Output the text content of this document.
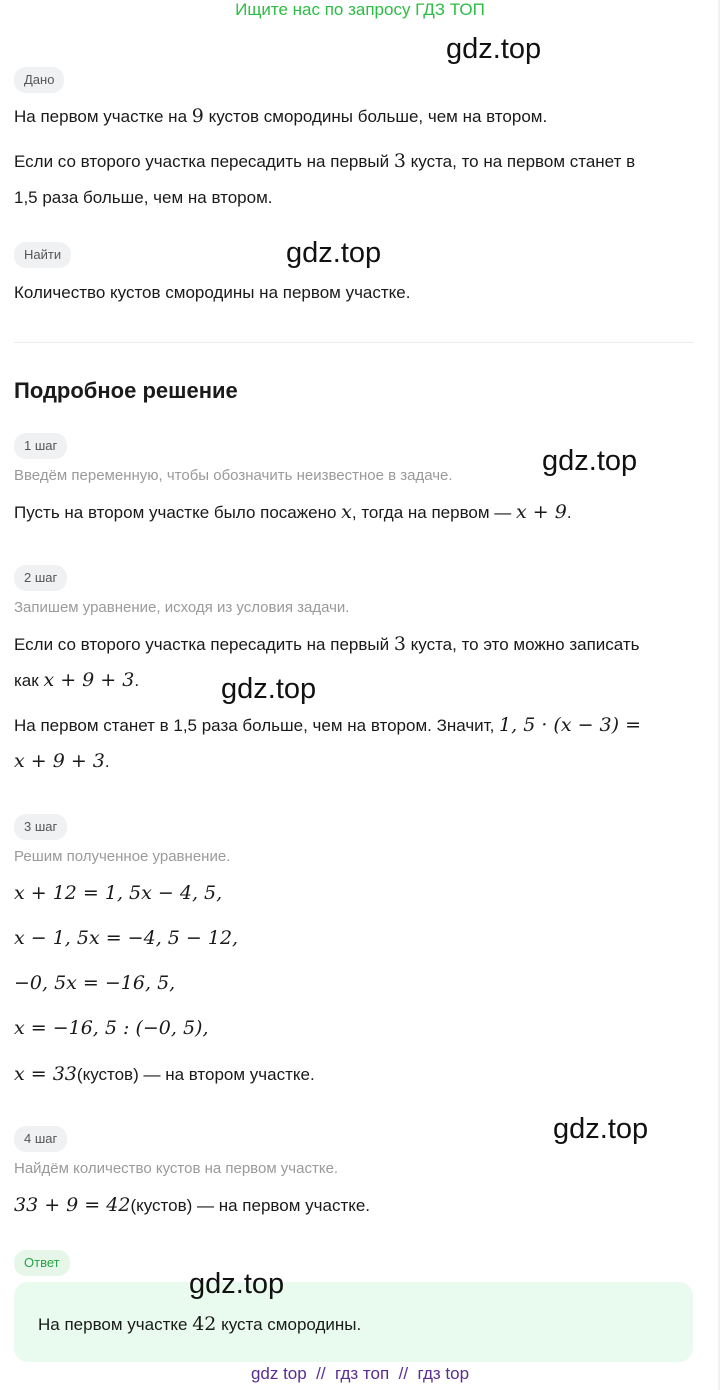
Ищите нас по запросу ГДЗ ТОП
gdz.top
gdz.top
gdz.top
gdz.top
gdz.top
Дано
На первом участке на 9 кустов смородины больше, чем на втором.
Если со второго участка пересадить на первый 3 куста, то на первом станет в
1,5 раза больше, чем на втором.
Найти
Количество кустов смородины на первом участке.
Подробное решение
1 шаг
Введём переменную, чтобы обозначить неизвестное в задаче.
Пусть на втором участке было посажено x, тогда на первом — x + 9.
2 шаг
Запишем уравнение, исходя из условия задачи.
Если со второго участка пересадить на первый 3 куста, то это можно записать
как x + 9 + 3.
На первом станет в 1,5 раза больше, чем на втором. Значит, 1, 5 · (x − 3) =
x + 9 + 3.
3 шаг
Решим полученное уравнение.
x + 12 = 1, 5x − 4, 5,
x − 1, 5x = −4, 5 − 12,
−0, 5x = −16, 5,
x = −16, 5 : (−0, 5),
x = 33(кустов) — на втором участке.
4 шаг
Найдём количество кустов на первом участке.
33 + 9 = 42(кустов) — на первом участке.
Ответ
На первом участке 42 куста смородины.
gdz.top
gdz top  //  гдз топ  //  гдз top
